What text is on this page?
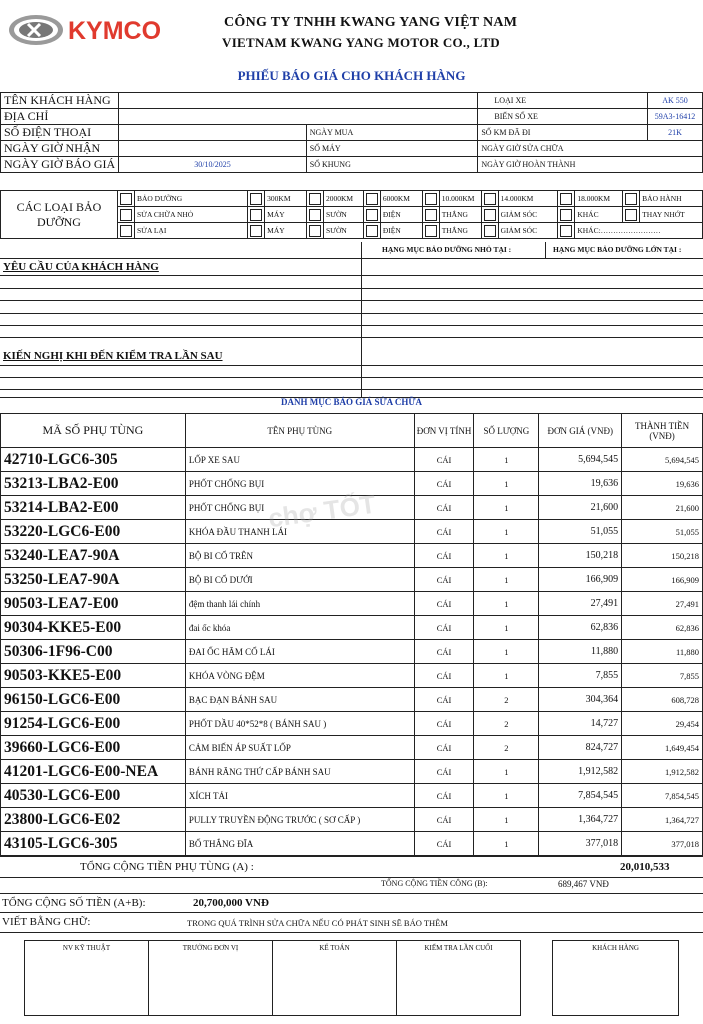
KYMCO	CÔNG TY TNHH KWANG YANG VIỆT NAM
VIETNAM KWANG YANG MOTOR CO., LTD
PHIẾU BÁO GIÁ CHO KHÁCH HÀNG
TÊN KHÁCH HÀNG			LOẠI XE	AK 550
ĐỊA CHỈ			BIỂN SỐ XE	59A3-16412
SỐ ĐIỆN THOẠI		NGÀY MUA	SỐ KM ĐÃ ĐI	21K
NGÀY GIỜ NHẬN		SỐ MÁY	NGÀY GIỜ SỬA CHỮA	
NGÀY GIỜ BÁO GIÁ	30/10/2025	SỐ KHUNG	NGÀY GIỜ HOÀN THÀNH	
CÁC LOẠI BẢO DƯỠNG		BẢO DƯỠNG		300KM		2000KM		6000KM		10.000KM		14.000KM		18.000KM		BẢO HÀNH
		SỬA CHỮA NHỎ		MÁY		SƯỜN		ĐIỆN		THẮNG		GIẢM SÓC		KHÁC		THAY NHỚT
		SỬA LẠI		MÁY		SƯỜN		ĐIỆN		THẮNG		GIẢM SÓC		KHÁC:……………………		
HẠNG MỤC BẢO DƯỠNG NHỎ TẠI :	HẠNG MỤC BẢO DƯỠNG LỚN TẠI :
YÊU CẦU CỦA KHÁCH HÀNG
KIẾN NGHỊ KHI ĐẾN KIỂM TRA LẦN SAU
DANH MỤC BÁO GIÁ SỬA CHỮA
MÃ SỐ PHỤ TÙNG	TÊN PHỤ TÙNG	ĐƠN VỊ TÍNH	SỐ LƯỢNG	ĐƠN GIÁ (VNĐ)	THÀNH TIỀN (VNĐ)
42710-LGC6-305	LỐP XE SAU	CÁI	1	5,694,545	5,694,545
53213-LBA2-E00	PHỐT CHỐNG BỤI	CÁI	1	19,636	19,636
53214-LBA2-E00	PHỐT CHỐNG BỤI	CÁI	1	21,600	21,600
53220-LGC6-E00	KHÓA ĐẦU THANH LÁI	CÁI	1	51,055	51,055
53240-LEA7-90A	BỘ BI CỔ TRÊN	CÁI	1	150,218	150,218
53250-LEA7-90A	BỘ BI CỔ DƯỚI	CÁI	1	166,909	166,909
90503-LEA7-E00	đệm thanh lái chính	CÁI	1	27,491	27,491
90304-KKE5-E00	đai ốc khóa	CÁI	1	62,836	62,836
50306-1F96-C00	ĐAI ỐC HÃM CỔ LÁI	CÁI	1	11,880	11,880
90503-KKE5-E00	KHÓA VÒNG ĐỆM	CÁI	1	7,855	7,855
96150-LGC6-E00	BẠC ĐẠN BÁNH SAU	CÁI	2	304,364	608,728
91254-LGC6-E00	PHỐT DẦU 40*52*8 ( BÁNH SAU )	CÁI	2	14,727	29,454
39660-LGC6-E00	CẢM BIẾN ÁP SUẤT LỐP	CÁI	2	824,727	1,649,454
41201-LGC6-E00-NEA	BÁNH RĂNG THỨ CẤP BÁNH SAU	CÁI	1	1,912,582	1,912,582
40530-LGC6-E00	XÍCH TẢI	CÁI	1	7,854,545	7,854,545
23800-LGC6-E02	PULLY TRUYỀN ĐỘNG TRƯỚC ( SƠ CẤP )	CÁI	1	1,364,727	1,364,727
43105-LGC6-305	BỐ THẮNG ĐĨA	CÁI	1	377,018	377,018
TỔNG CỘNG TIỀN PHỤ TÙNG (A) :	20,010,533
TỔNG CỘNG TIỀN CÔNG (B):	689,467 VNĐ
TỔNG CỘNG SỐ TIỀN (A+B):	20,700,000 VNĐ
VIẾT BẰNG CHỮ:	TRONG QUÁ TRÌNH SỬA CHỮA NẾU CÓ PHÁT SINH SẼ BÁO THÊM
NV KỸ THUẬT	TRƯỞNG ĐƠN VỊ	KẾ TOÁN	KIỂM TRA LẦN CUỐI	KHÁCH HÀNG
chợ TỐT
